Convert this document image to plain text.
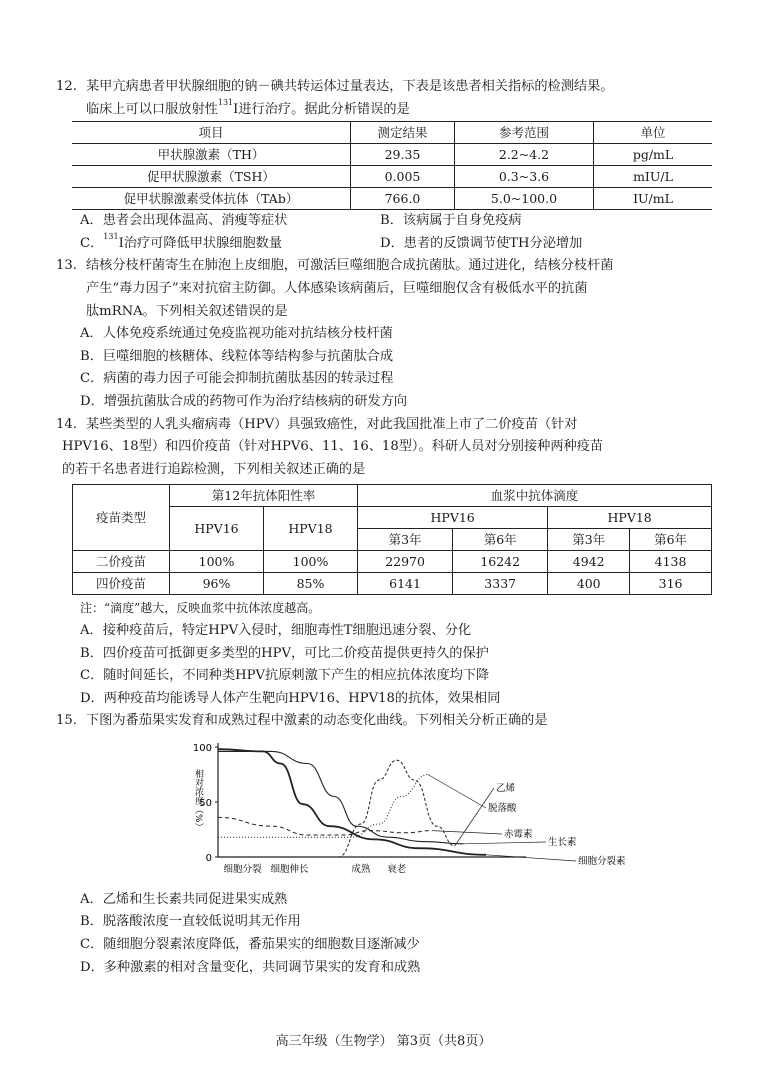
12. 某甲亢病患者甲状腺细胞的钠－碘共转运体过量表达，下表是该患者相关指标的检测结果。
临床上可以口服放射性$^{131}$I进行治疗。据此分析错误的是
项目	测定结果	参考范围	单位
甲状腺激素（TH）	29.35	2.2~4.2	pg/mL
促甲状腺激素（TSH）	0.005	0.3~3.6	mIU/L
促甲状腺激素受体抗体（TAb）	766.0	5.0~100.0	IU/mL
A．患者会出现体温高、消瘦等症状	B．该病属于自身免疫病
C．$^{131}$I治疗可降低甲状腺细胞数量	D．患者的反馈调节使TH分泌增加
13. 结核分枝杆菌寄生在肺泡上皮细胞，可激活巨噬细胞合成抗菌肽。通过进化，结核分枝杆菌
产生“毒力因子”来对抗宿主防御。人体感染该病菌后，巨噬细胞仅含有极低水平的抗菌
肽mRNA。下列相关叙述错误的是
A．人体免疫系统通过免疫监视功能对抗结核分枝杆菌
B．巨噬细胞的核糖体、线粒体等结构参与抗菌肽合成
C．病菌的毒力因子可能会抑制抗菌肽基因的转录过程
D．增强抗菌肽合成的药物可作为治疗结核病的研发方向
14. 某些类型的人乳头瘤病毒（HPV）具强致癌性，对此我国批准上市了二价疫苗（针对
HPV16、18型）和四价疫苗（针对HPV6、11、16、18型）。科研人员对分别接种两种疫苗
的若干名患者进行追踪检测，下列相关叙述正确的是
疫苗类型	第12年抗体阳性率		血浆中抗体滴度			
	HPV16	HPV18	HPV16		HPV18	
			第3年	第6年	第3年	第6年
二价疫苗	100%	100%	22970	16242	4942	4138
四价疫苗	96%	85%	6141	3337	400	316
注：“滴度”越大，反映血浆中抗体浓度越高。
A．接种疫苗后，特定HPV入侵时，细胞毒性T细胞迅速分裂、分化
B．四价疫苗可抵御更多类型的HPV，可比二价疫苗提供更持久的保护
C．随时间延长，不同种类HPV抗原刺激下产生的相应抗体浓度均下降
D．两种疫苗均能诱导人体产生靶向HPV16、HPV18的抗体，效果相同
15. 下图为番茄果实发育和成熟过程中激素的动态变化曲线。下列相关分析正确的是
100
50
0
相对浓度（%）
细胞分裂 细胞伸长	成熟 衰老
乙烯
脱落酸
赤霉素
生长素
细胞分裂素
A．乙烯和生长素共同促进果实成熟
B．脱落酸浓度一直较低说明其无作用
C．随细胞分裂素浓度降低，番茄果实的细胞数目逐渐减少
D．多种激素的相对含量变化，共同调节果实的发育和成熟
高三年级（生物学） 第3页（共8页）
